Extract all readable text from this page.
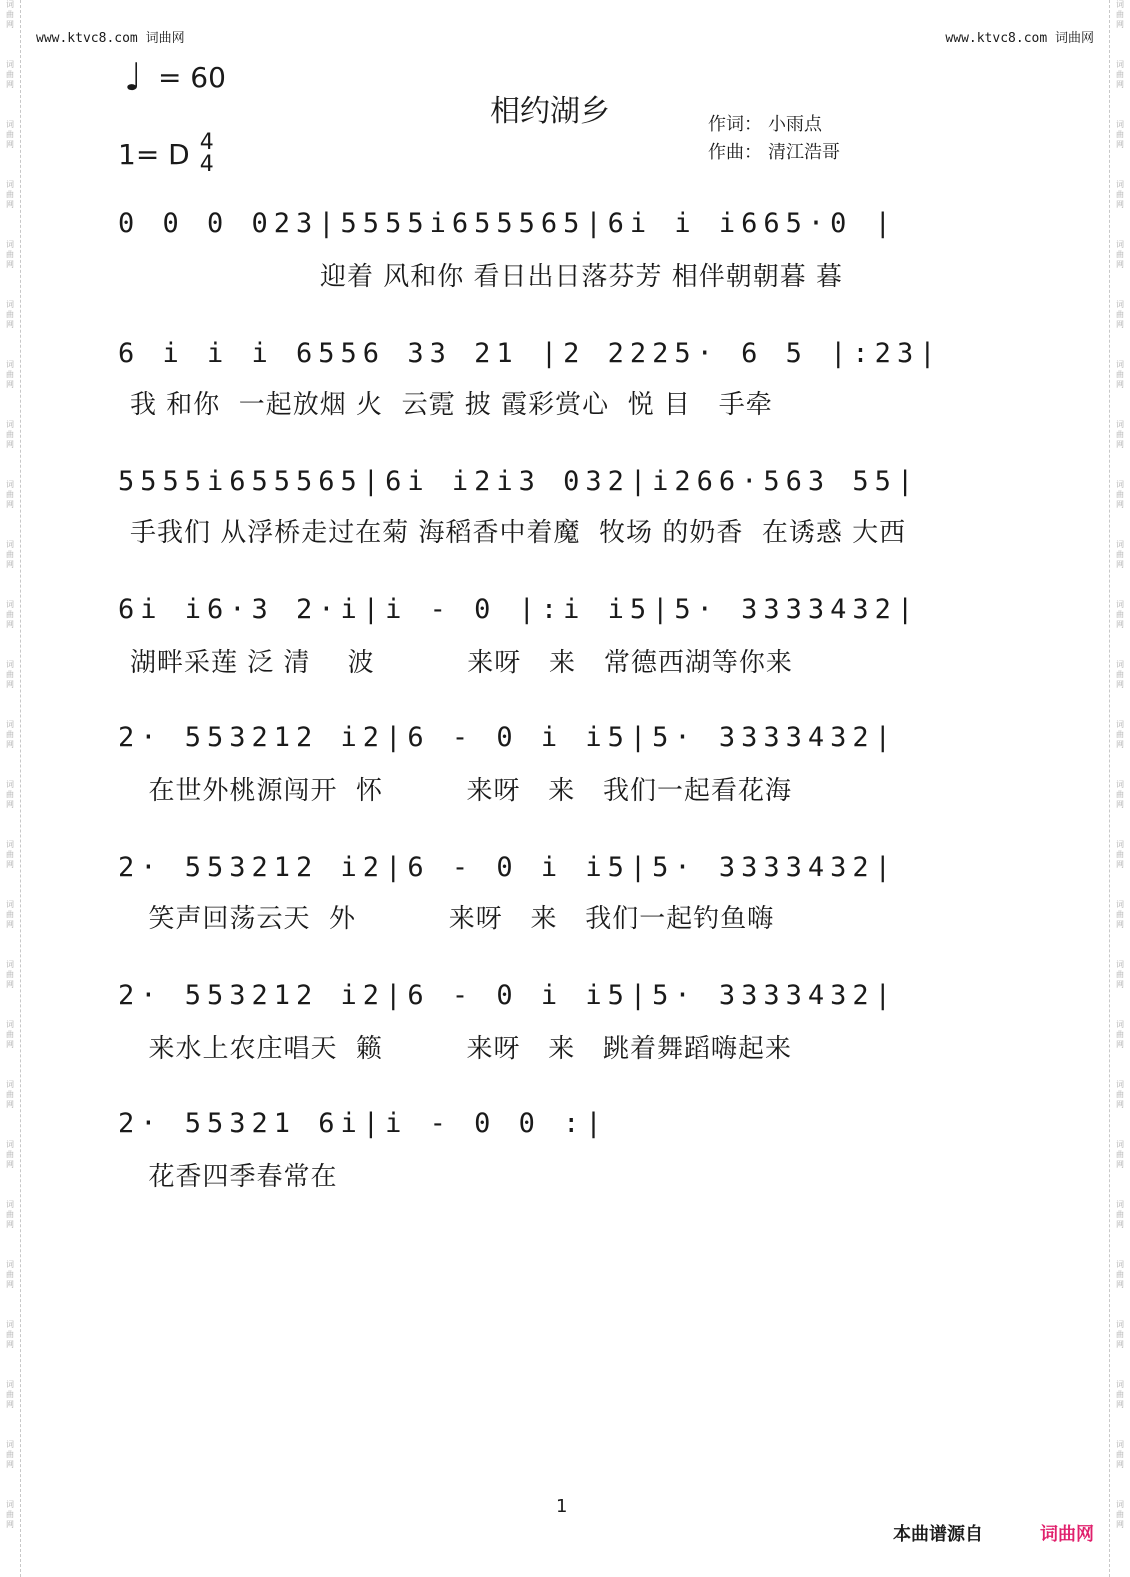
词 曲 网
词 曲 网
词 曲 网
词 曲 网
词 曲 网
词 曲 网
词 曲 网
词 曲 网
词 曲 网
词 曲 网
词 曲 网
词 曲 网
词 曲 网
词 曲 网
词 曲 网
词 曲 网
词 曲 网
词 曲 网
词 曲 网
词 曲 网
词 曲 网
词 曲 网
词 曲 网
词 曲 网
词 曲 网
词 曲 网
词 曲 网
词 曲 网
词 曲 网
词 曲 网
词 曲 网
词 曲 网
词 曲 网
词 曲 网
词 曲 网
词 曲 网
词 曲 网
词 曲 网
词 曲 网
词 曲 网
词 曲 网
词 曲 网
词 曲 网
词 曲 网
词 曲 网
词 曲 网
词 曲 网
词 曲 网
词 曲 网
词 曲 网
词 曲 网
词 曲 网
www.ktvc8.com 词曲网	www.ktvc8.com 词曲网
♩ = 60
相约湖乡
1= D 4
4
作词： 小雨点
作曲： 清江浩哥
0 0 0 023|5555i655565|6i i i665·0 |
迎着 风和你 看日出日落芬芳 相伴朝朝暮 暮
6 i i i 6556 33 21 |2 2225· 6 5 |:23|
我 和你  一起放烟 火  云霓 披 霞彩赏心  悦 目   手牵
5555i655565|6i i2i3 032|i266·563 55|
手我们 从浮桥走过在菊 海稻香中着魔  牧场 的奶香  在诱惑 大西
6i i6·3 2·i|i - 0 |:i i5|5· 3333432|
湖畔采莲 泛 清    波          来呀   来   常德西湖等你来
2· 553212 i2|6 - 0 i i5|5· 3333432|
在世外桃源闯开  怀         来呀   来   我们一起看花海
2· 553212 i2|6 - 0 i i5|5· 3333432|
笑声回荡云天  外          来呀   来   我们一起钓鱼嗨
2· 553212 i2|6 - 0 i i5|5· 3333432|
来水上农庄唱天  籁         来呀   来   跳着舞蹈嗨起来
2· 55321 6i|i - 0 0 :|
花香四季春常在
1
本曲谱源自	词曲网
